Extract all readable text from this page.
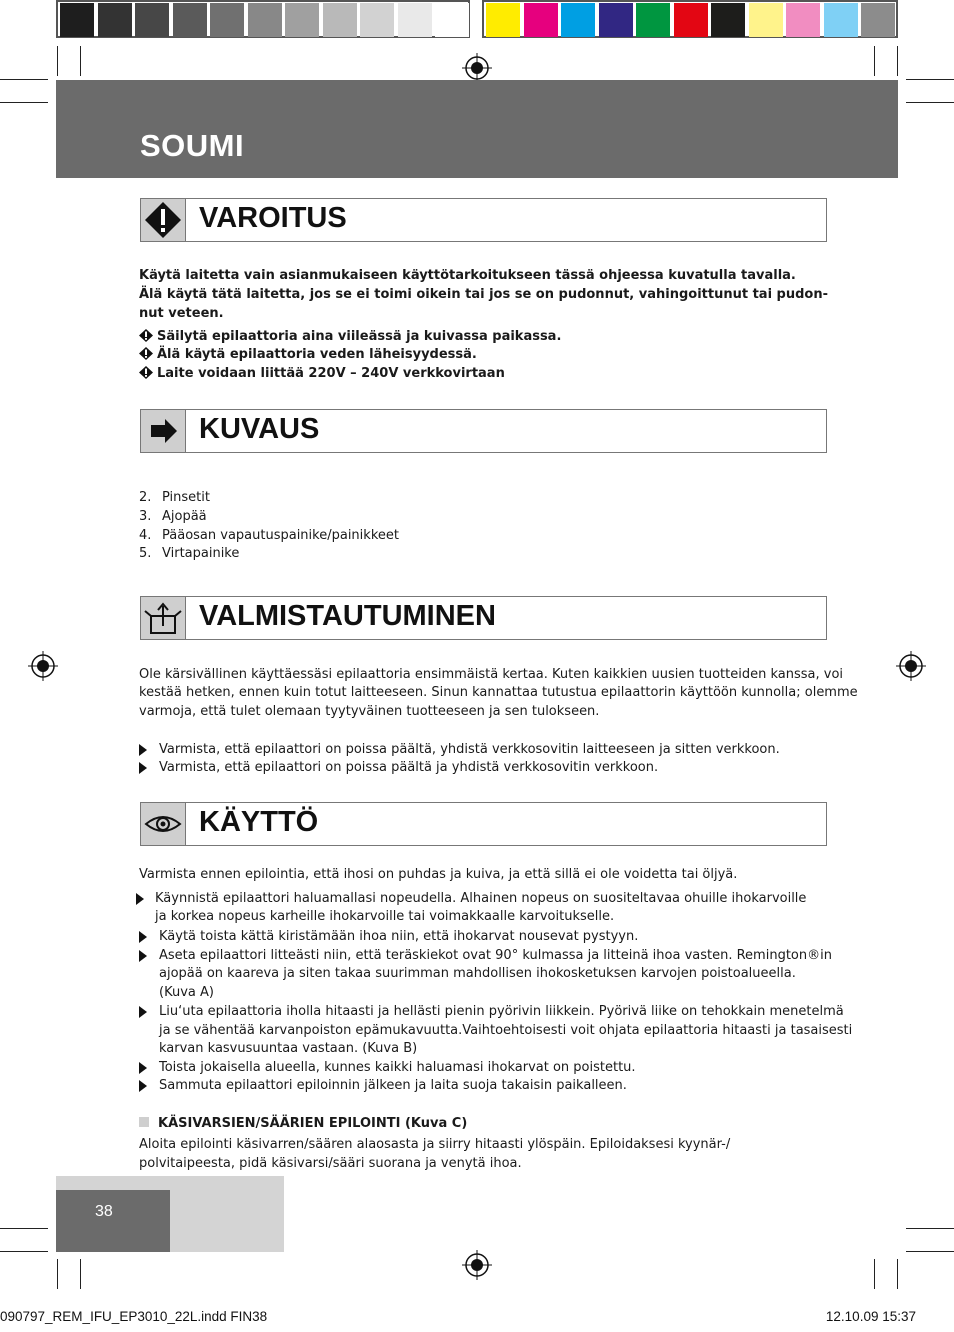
SOUMI
VAROITUS
Käytä laitetta vain asianmukaiseen käyttötarkoitukseen tässä ohjeessa kuvatulla tavalla.
Älä käytä tätä laitetta, jos se ei toimi oikein tai jos se on pudonnut, vahingoittunut tai pudon-
nut veteen.
Säilytä epilaattoria aina viileässä ja kuivassa paikassa.
Älä käytä epilaattoria veden läheisyydessä.
Laite voidaan liittää 220V – 240V verkkovirtaan
KUVAUS
2. Pinsetit
3. Ajopää
4. Pääosan vapautuspainike/painikkeet
5. Virtapainike
VALMISTAUTUMINEN
Ole kärsivällinen käyttäessäsi epilaattoria ensimmäistä kertaa. Kuten kaikkien uusien tuotteiden kanssa, voi
kestää hetken, ennen kuin totut laitteeseen. Sinun kannattaa tutustua epilaattorin käyttöön kunnolla; olemme
varmoja, että tulet olemaan tyytyväinen tuotteeseen ja sen tulokseen.
Varmista, että epilaattori on poissa päältä, yhdistä verkkosovitin laitteeseen ja sitten verkkoon.
Varmista, että epilaattori on poissa päältä ja yhdistä verkkosovitin verkkoon.
KÄYTTÖ
Varmista ennen epilointia, että ihosi on puhdas ja kuiva, ja että sillä ei ole voidetta tai öljyä.
Käynnistä epilaattori haluamallasi nopeudella. Alhainen nopeus on suositeltavaa ohuille ihokarvoille
ja korkea nopeus karheille ihokarvoille tai voimakkaalle karvoitukselle.
Käytä toista kättä kiristämään ihoa niin, että ihokarvat nousevat pystyyn.
Aseta epilaattori litteästi niin, että teräskiekot ovat 90° kulmassa ja litteinä ihoa vasten. Remington®in
ajopää on kaareva ja siten takaa suurimman mahdollisen ihokosketuksen karvojen poistoalueella.
(Kuva A)
Liu‘uta epilaattoria iholla hitaasti ja hellästi pienin pyörivin liikkein. Pyörivä liike on tehokkain menetelmä
ja se vähentää karvanpoiston epämukavuutta.Vaihtoehtoisesti voit ohjata epilaattoria hitaasti ja tasaisesti
karvan kasvusuuntaa vastaan. (Kuva B)
Toista jokaisella alueella, kunnes kaikki haluamasi ihokarvat on poistettu.
Sammuta epilaattori epiloinnin jälkeen ja laita suoja takaisin paikalleen.
KÄSIVARSIEN/SÄÄRIEN EPILOINTI (Kuva C)
Aloita epilointi käsivarren/säären alaosasta ja siirry hitaasti ylöspäin. Epiloidaksesi kyynär-/
polvitaipeesta, pidä käsivarsi/sääri suorana ja venytä ihoa.
38
090797_REM_IFU_EP3010_22L.indd FIN38	12.10.09 15:37
